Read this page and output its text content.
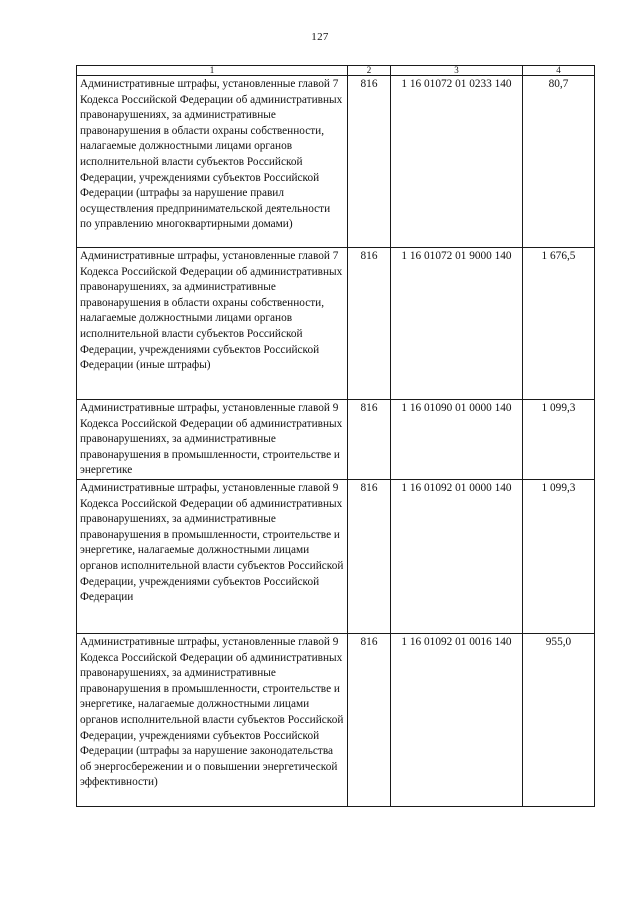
127
1	2	3	4
Административные штрафы, установленные главой 7 Кодекса Российской Федерации об административных правонарушениях, за административные правонарушения в области охраны собственности, налагаемые должностными лицами органов исполнительной власти субъектов Российской Федерации, учреждениями субъектов Российской Федерации (штрафы за нарушение правил осуществления предпринимательской деятельности по управлению многоквартирными домами)	816	1 16 01072 01 0233 140	80,7
Административные штрафы, установленные главой 7 Кодекса Российской Федерации об административных правонарушениях, за административные правонарушения в области охраны собственности, налагаемые должностными лицами органов исполнительной власти субъектов Российской Федерации, учреждениями субъектов Российской Федерации (иные штрафы)	816	1 16 01072 01 9000 140	1 676,5
Административные штрафы, установленные главой 9 Кодекса Российской Федерации об административных правонарушениях, за административные правонарушения в промышленности, строительстве и энергетике	816	1 16 01090 01 0000 140	1 099,3
Административные штрафы, установленные главой 9 Кодекса Российской Федерации об административных правонарушениях, за административные правонарушения в промышленности, строительстве и энергетике, налагаемые должностными лицами органов исполнительной власти субъектов Российской Федерации, учреждениями субъектов Российской Федерации	816	1 16 01092 01 0000 140	1 099,3
Административные штрафы, установленные главой 9 Кодекса Российской Федерации об административных правонарушениях, за административные правонарушения в промышленности, строительстве и энергетике, налагаемые должностными лицами органов исполнительной власти субъектов Российской Федерации, учреждениями субъектов Российской Федерации (штрафы за нарушение законодательства об энергосбережении и о повышении энергетической эффективности)	816	1 16 01092 01 0016 140	955,0
